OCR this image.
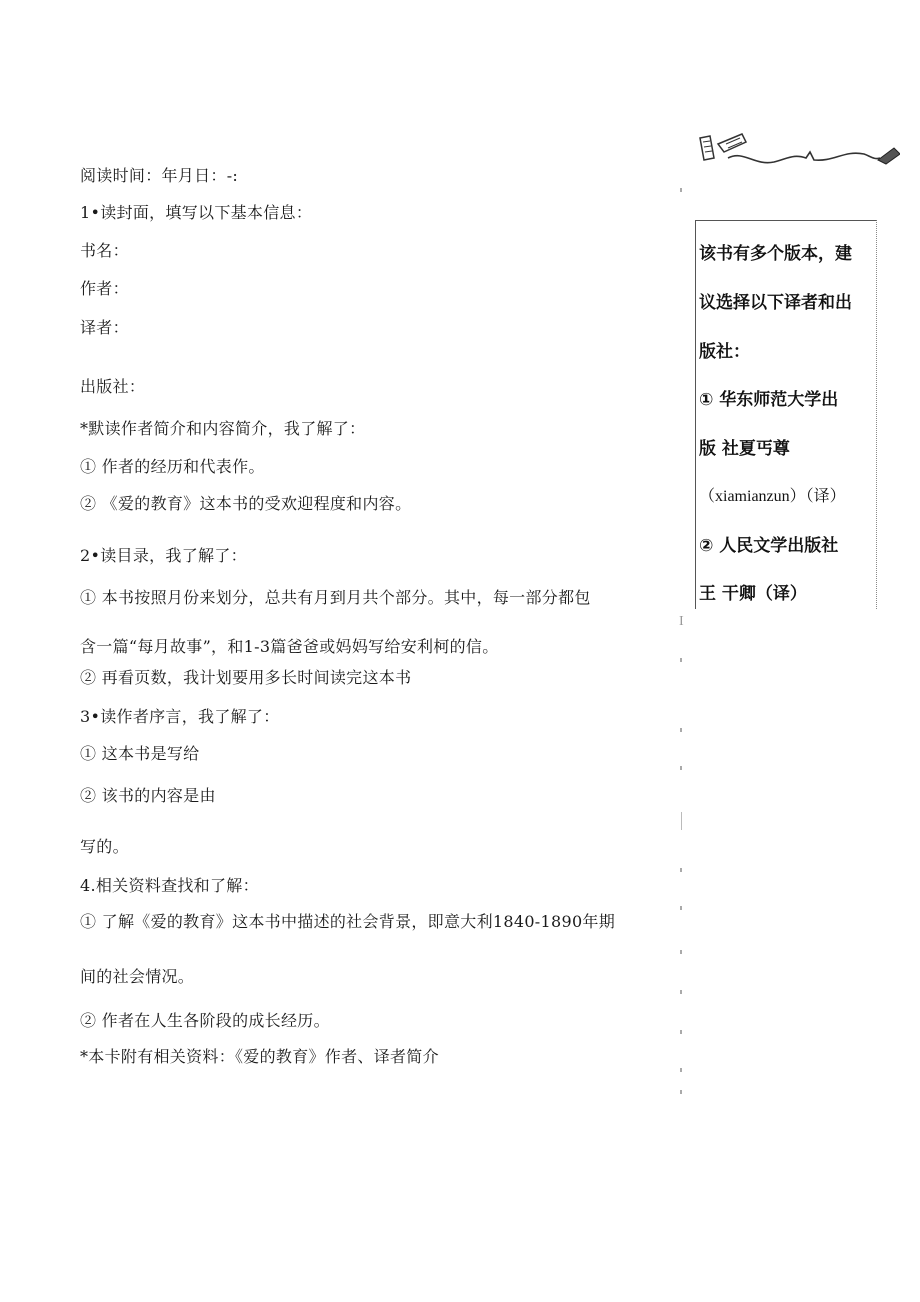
阅读时间：年月日：-:
1•读封面，填写以下基本信息：
书名：
作者：
译者：
出版社：
*默读作者简介和内容简介，我了解了：
① 作者的经历和代表作。
② 《爱的教育》这本书的受欢迎程度和内容。
2•读目录，我了解了：
① 本书按照月份来划分，总共有月到月共个部分。其中，每一部分都包
含一篇“每月故事”，和1-3篇爸爸或妈妈写给安利柯的信。
② 再看页数，我计划要用多长时间读完这本书
3•读作者序言，我了解了：
① 这本书是写给
② 该书的内容是由
写的。
4.相关资料查找和了解：
① 了解《爱的教育》这本书中描述的社会背景，即意大利1840-1890年期
间的社会情况。
② 作者在人生各阶段的成长经历。
*本卡附有相关资料：《爱的教育》作者、译者简介
I
该书有多个版本，建
议选择以下译者和出
版社：
① 华东师范大学出
版 社夏丐尊
（xiamianzun）（译）
② 人民文学出版社
王 干卿（译）
